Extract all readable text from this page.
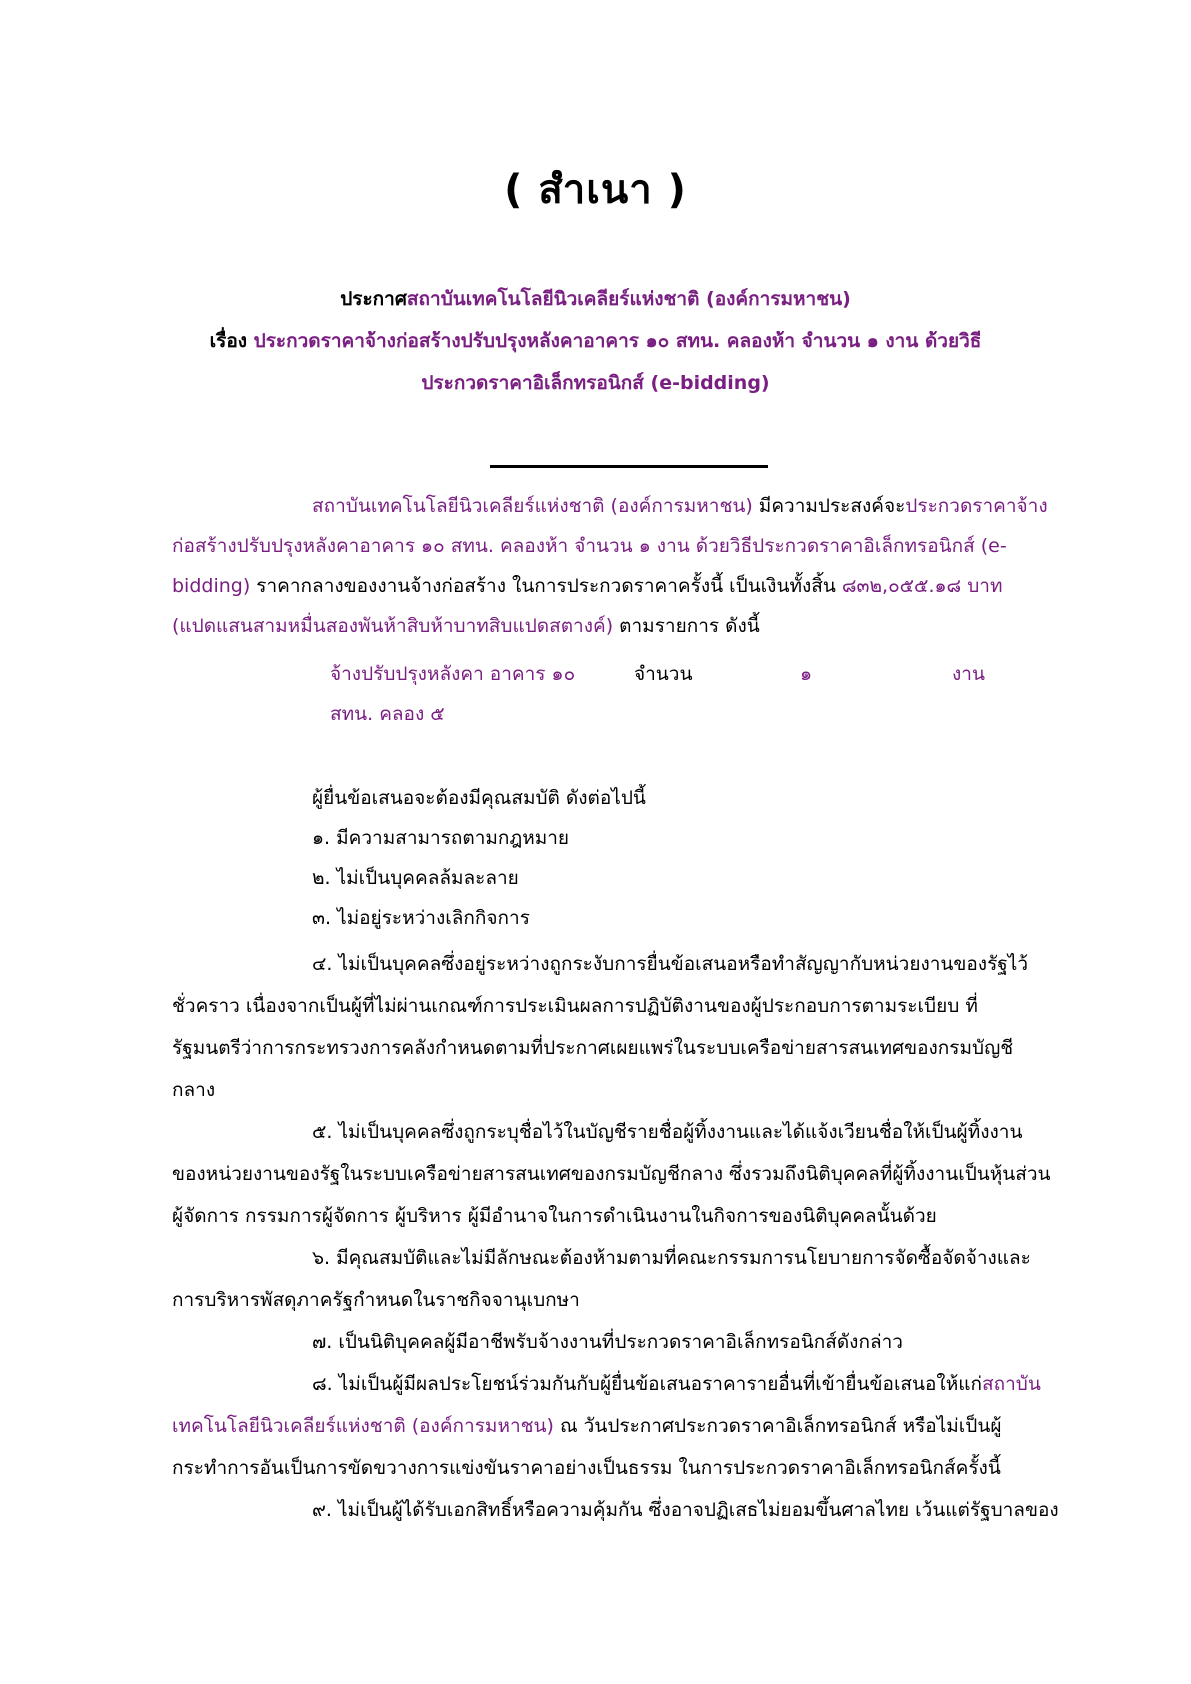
( สำเนา )
ประกาศสถาบันเทคโนโลยีนิวเคลียร์แห่งชาติ (องค์การมหาชน)
เรื่อง ประกวดราคาจ้างก่อสร้างปรับปรุงหลังคาอาคาร ๑๐ สทน. คลองห้า จำนวน ๑ งาน ด้วยวิธี
ประกวดราคาอิเล็กทรอนิกส์ (e-bidding)
สถาบันเทคโนโลยีนิวเคลียร์แห่งชาติ (องค์การมหาชน) มีความประสงค์จะประกวดราคาจ้าง
ก่อสร้างปรับปรุงหลังคาอาคาร ๑๐ สทน. คลองห้า จำนวน ๑ งาน ด้วยวิธีประกวดราคาอิเล็กทรอนิกส์ (e-
bidding) ราคากลางของงานจ้างก่อสร้าง ในการประกวดราคาครั้งนี้ เป็นเงินทั้งสิ้น ๘๓๒,๐๕๕.๑๘ บาท
(แปดแสนสามหมื่นสองพันห้าสิบห้าบาทสิบแปดสตางค์) ตามรายการ ดังนี้
จ้างปรับปรุงหลังคา อาคาร ๑๐	จำนวน	๑	งาน
สทน. คลอง ๕
ผู้ยื่นข้อเสนอจะต้องมีคุณสมบัติ ดังต่อไปนี้
๑. มีความสามารถตามกฎหมาย
๒. ไม่เป็นบุคคลล้มละลาย
๓. ไม่อยู่ระหว่างเลิกกิจการ
๔. ไม่เป็นบุคคลซึ่งอยู่ระหว่างถูกระงับการยื่นข้อเสนอหรือทำสัญญากับหน่วยงานของรัฐไว้
ชั่วคราว เนื่องจากเป็นผู้ที่ไม่ผ่านเกณฑ์การประเมินผลการปฏิบัติงานของผู้ประกอบการตามระเบียบ ที่
รัฐมนตรีว่าการกระทรวงการคลังกำหนดตามที่ประกาศเผยแพร่ในระบบเครือข่ายสารสนเทศของกรมบัญชี
กลาง
๕. ไม่เป็นบุคคลซึ่งถูกระบุชื่อไว้ในบัญชีรายชื่อผู้ทิ้งงานและได้แจ้งเวียนชื่อให้เป็นผู้ทิ้งงาน
ของหน่วยงานของรัฐในระบบเครือข่ายสารสนเทศของกรมบัญชีกลาง ซึ่งรวมถึงนิติบุคคลที่ผู้ทิ้งงานเป็นหุ้นส่วน
ผู้จัดการ กรรมการผู้จัดการ ผู้บริหาร ผู้มีอำนาจในการดำเนินงานในกิจการของนิติบุคคลนั้นด้วย
๖. มีคุณสมบัติและไม่มีลักษณะต้องห้ามตามที่คณะกรรมการนโยบายการจัดซื้อจัดจ้างและ
การบริหารพัสดุภาครัฐกำหนดในราชกิจจานุเบกษา
๗. เป็นนิติบุคคลผู้มีอาชีพรับจ้างงานที่ประกวดราคาอิเล็กทรอนิกส์ดังกล่าว
๘. ไม่เป็นผู้มีผลประโยชน์ร่วมกันกับผู้ยื่นข้อเสนอราคารายอื่นที่เข้ายื่นข้อเสนอให้แก่สถาบัน
เทคโนโลยีนิวเคลียร์แห่งชาติ (องค์การมหาชน) ณ วันประกาศประกวดราคาอิเล็กทรอนิกส์ หรือไม่เป็นผู้
กระทำการอันเป็นการขัดขวางการแข่งขันราคาอย่างเป็นธรรม ในการประกวดราคาอิเล็กทรอนิกส์ครั้งนี้
๙. ไม่เป็นผู้ได้รับเอกสิทธิ์หรือความคุ้มกัน ซึ่งอาจปฏิเสธไม่ยอมขึ้นศาลไทย เว้นแต่รัฐบาลของ
